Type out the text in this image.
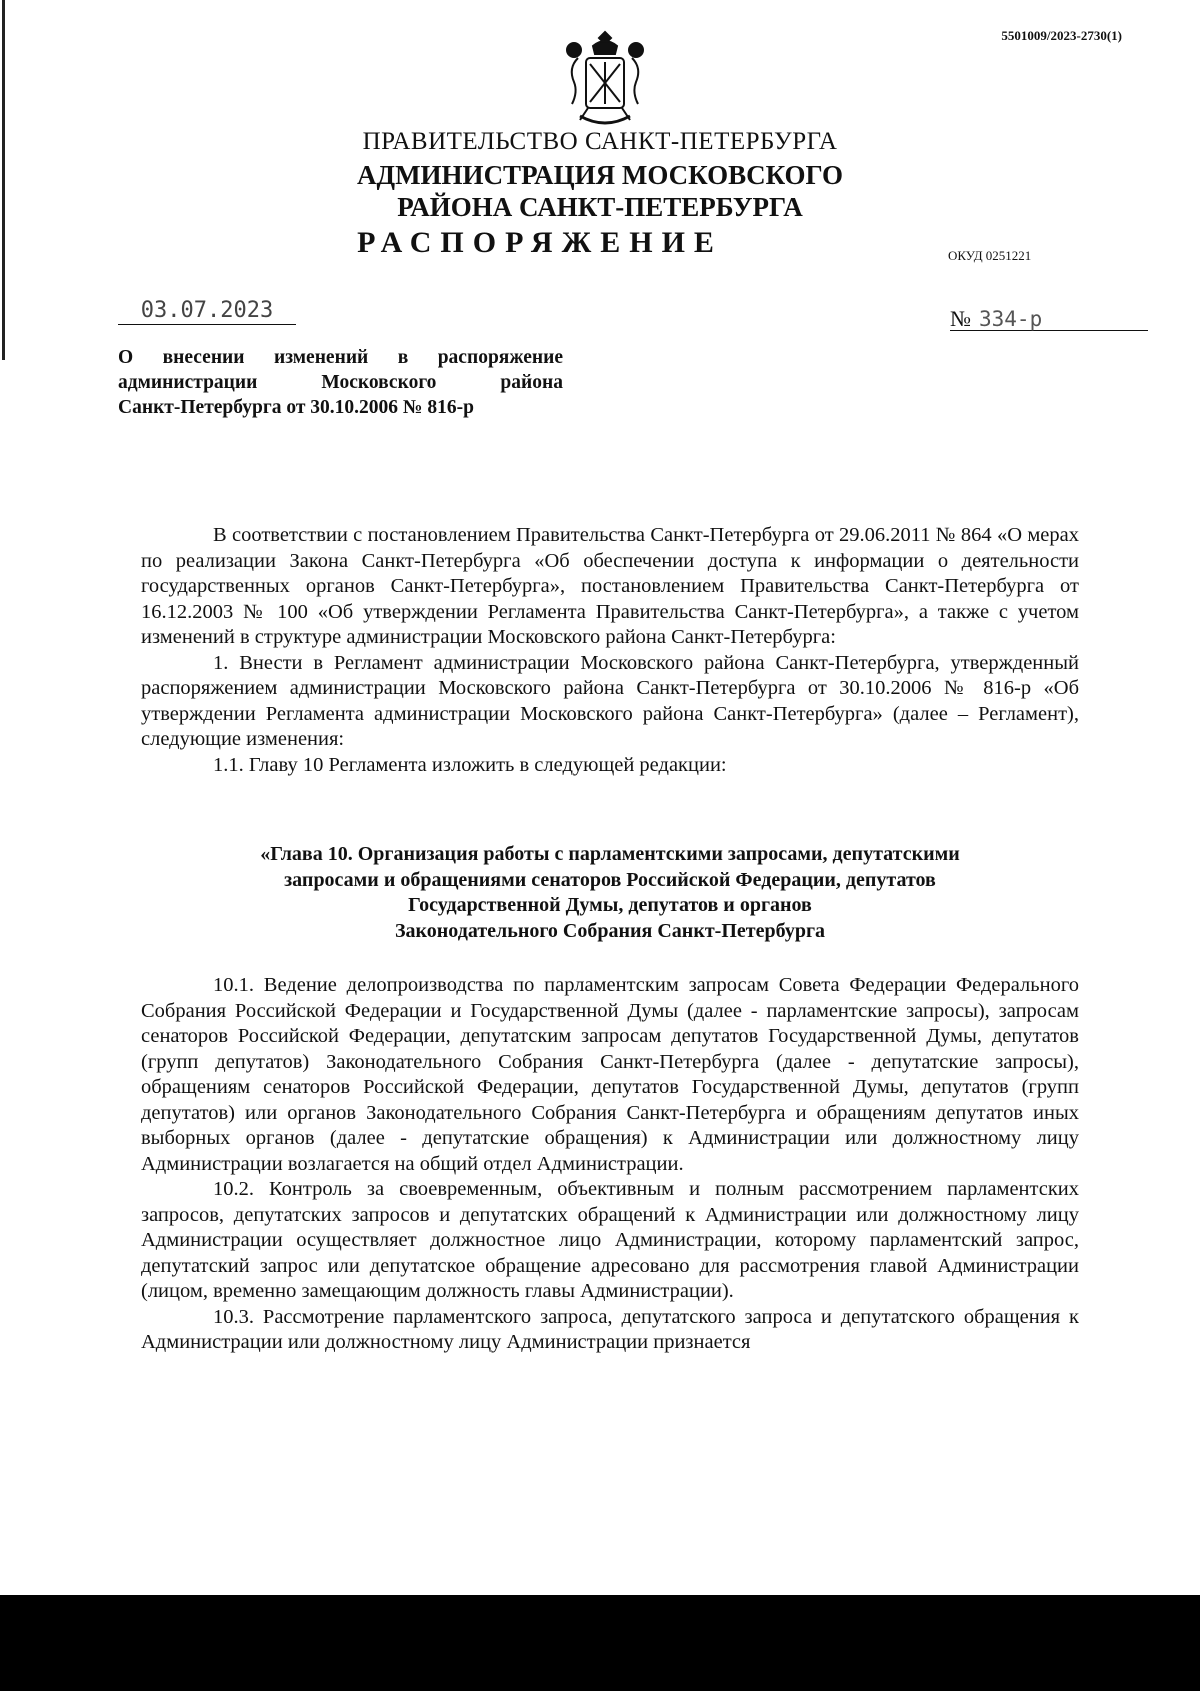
5501009/2023-2730(1)
ПРАВИТЕЛЬСТВО САНКТ-ПЕТЕРБУРГА
АДМИНИСТРАЦИЯ МОСКОВСКОГО
РАЙОНА САНКТ-ПЕТЕРБУРГА
РАСПОРЯЖЕНИЕ	ОКУД 0251221
03.07.2023	№ 334-р
О внесении изменений в распоряжение
администрации Московского района
Санкт-Петербурга от 30.10.2006 № 816-р

В соответствии с постановлением Правительства Санкт-Петербурга от 29.06.2011 № 864 «О мерах по реализации Закона Санкт-Петербурга «Об обеспечении доступа к информации о деятельности государственных органов Санкт-Петербурга», постановлением Правительства Санкт-Петербурга от 16.12.2003 № 100 «Об утверждении Регламента Правительства Санкт-Петербурга», а также с учетом изменений в структуре администрации Московского района Санкт-Петербурга:

1. Внести в Регламент администрации Московского района Санкт-Петербурга, утвержденный распоряжением администрации Московского района Санкт-Петербурга от 30.10.2006 № 816-р «Об утверждении Регламента администрации Московского района Санкт-Петербурга» (далее – Регламент), следующие изменения:

1.1. Главу 10 Регламента изложить в следующей редакции:

«Глава 10. Организация работы с парламентскими запросами, депутатскими
запросами и обращениями сенаторов Российской Федерации, депутатов
Государственной Думы, депутатов и органов
Законодательного Собрания Санкт-Петербурга

10.1. Ведение делопроизводства по парламентским запросам Совета Федерации Федерального Собрания Российской Федерации и Государственной Думы (далее - парламентские запросы), запросам сенаторов Российской Федерации, депутатским запросам депутатов Государственной Думы, депутатов (групп депутатов) Законодательного Собрания Санкт-Петербурга (далее - депутатские запросы), обращениям сенаторов Российской Федерации, депутатов Государственной Думы, депутатов (групп депутатов) или органов Законодательного Собрания Санкт-Петербурга и обращениям депутатов иных выборных органов (далее - депутатские обращения) к Администрации или должностному лицу Администрации возлагается на общий отдел Администрации.

10.2. Контроль за своевременным, объективным и полным рассмотрением парламентских запросов, депутатских запросов и депутатских обращений к Администрации или должностному лицу Администрации осуществляет должностное лицо Администрации, которому парламентский запрос, депутатский запрос или депутатское обращение адресовано для рассмотрения главой Администрации (лицом, временно замещающим должность главы Администрации).

10.3. Рассмотрение парламентского запроса, депутатского запроса и депутатского обращения к Администрации или должностному лицу Администрации признается
